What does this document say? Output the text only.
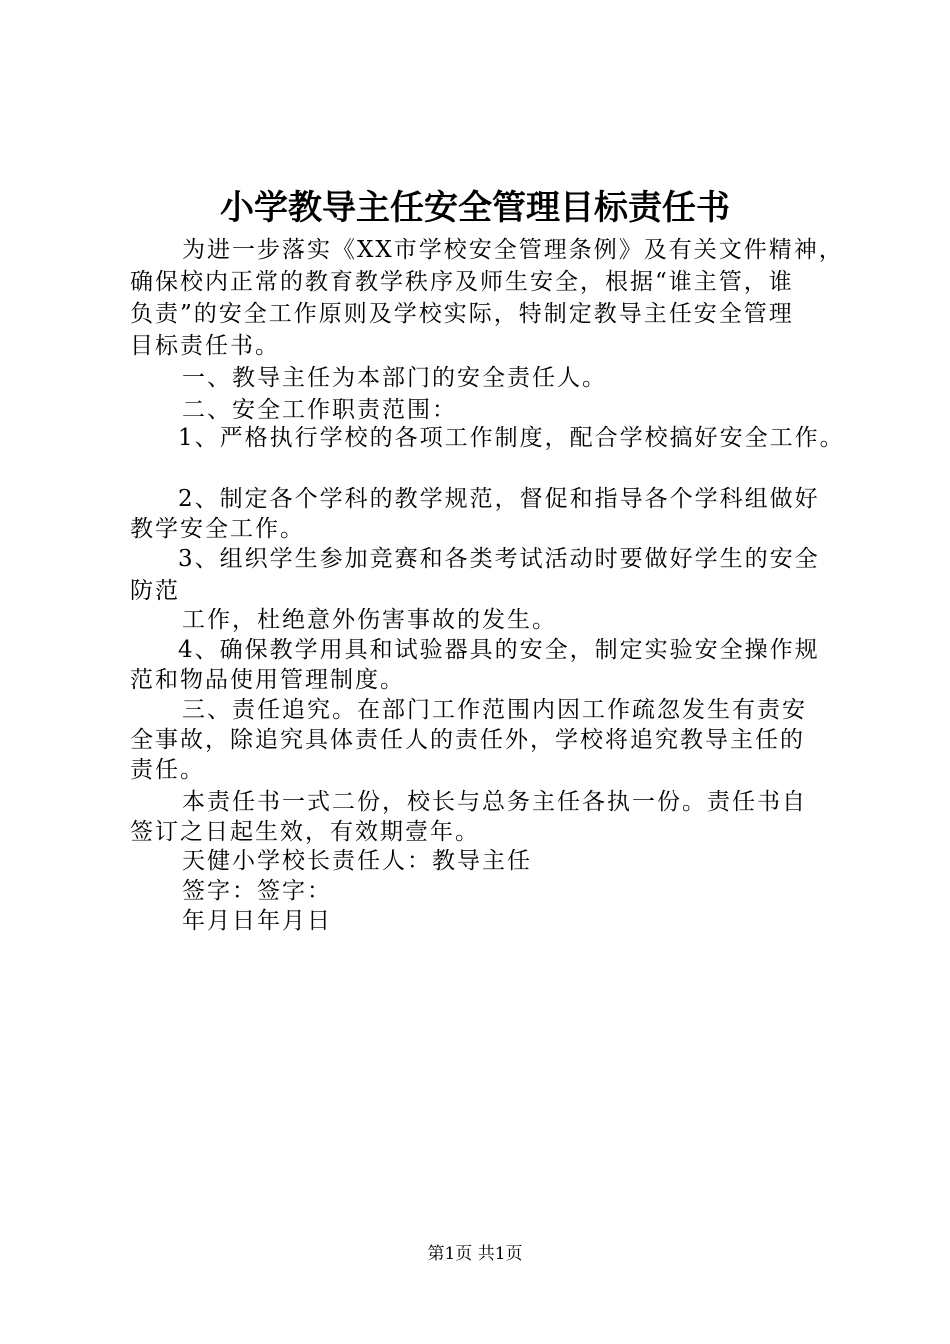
小学教导主任安全管理目标责任书
为进一步落实《XX市学校安全管理条例》及有关文件精神，
确保校内正常的教育教学秩序及师生安全，根据“谁主管，谁
负责”的安全工作原则及学校实际，特制定教导主任安全管理
目标责任书。
一、教导主任为本部门的安全责任人。
二、安全工作职责范围：
1、严格执行学校的各项工作制度，配合学校搞好安全工作。
2、制定各个学科的教学规范，督促和指导各个学科组做好
教学安全工作。
3、组织学生参加竞赛和各类考试活动时要做好学生的安全
防范
工作，杜绝意外伤害事故的发生。
4、确保教学用具和试验器具的安全，制定实验安全操作规
范和物品使用管理制度。
三、责任追究。在部门工作范围内因工作疏忽发生有责安
全事故，除追究具体责任人的责任外，学校将追究教导主任的
责任。
本责任书一式二份，校长与总务主任各执一份。责任书自
签订之日起生效，有效期壹年。
天健小学校长责任人：教导主任
签字：签字：
年月日年月日
第1页 共1页
